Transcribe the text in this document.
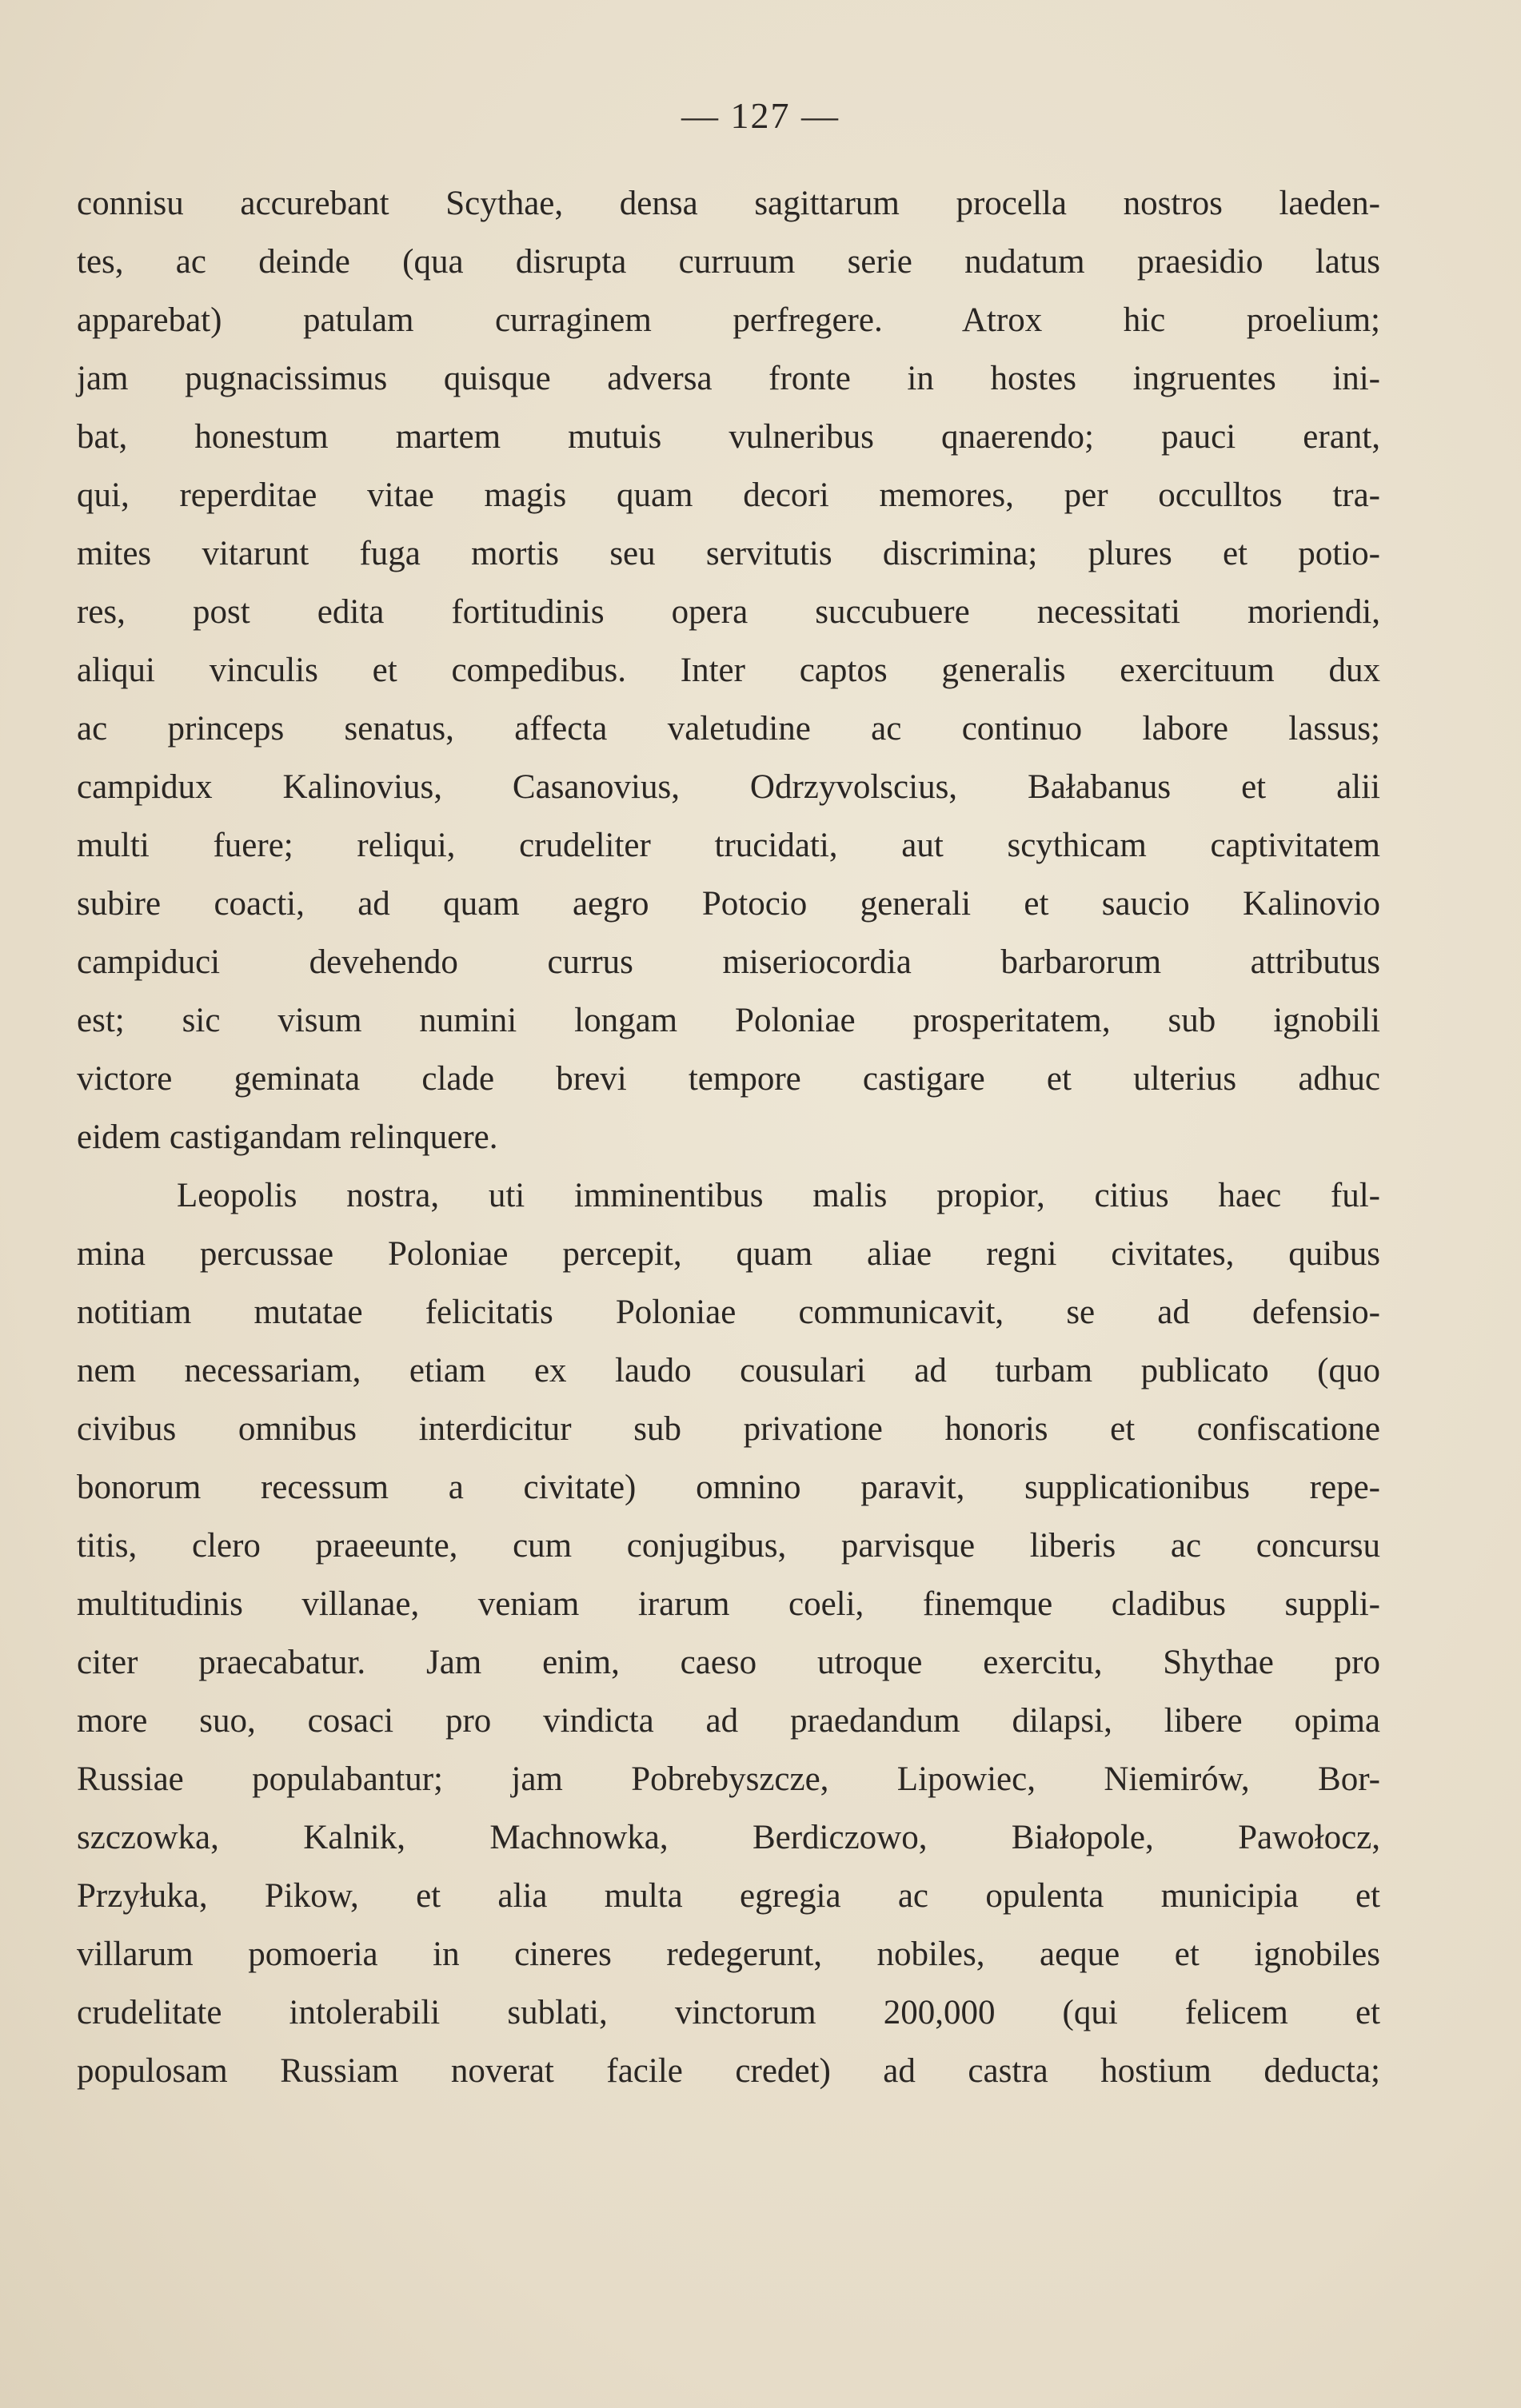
— 127 —
connisu accurebant Scythae, densa sagittarum procella nostros laeden-
tes, ac deinde (qua disrupta curruum serie nudatum praesidio latus
apparebat) patulam curraginem perfregere. Atrox hic proelium;
jam pugnacissimus quisque adversa fronte in hostes ingruentes ini-
bat, honestum martem mutuis vulneribus qnaerendo; pauci erant,
qui, reperditae vitae magis quam decori memores, per occulltos tra-
mites vitarunt fuga mortis seu servitutis discrimina; plures et potio-
res, post edita fortitudinis opera succubuere necessitati moriendi,
aliqui vinculis et compedibus. Inter captos generalis exercituum dux
ac princeps senatus, affecta valetudine ac continuo labore lassus;
campidux Kalinovius, Casanovius, Odrzyvolscius, Bałabanus et alii
multi fuere; reliqui, crudeliter trucidati, aut scythicam captivitatem
subire coacti, ad quam aegro Potocio generali et saucio Kalinovio
campiduci devehendo currus miseriocordia barbarorum attributus
est; sic visum numini longam Poloniae prosperitatem, sub ignobili
victore geminata clade brevi tempore castigare et ulterius adhuc
eidem castigandam relinquere.
Leopolis nostra, uti imminentibus malis propior, citius haec ful-
mina percussae Poloniae percepit, quam aliae regni civitates, quibus
notitiam mutatae felicitatis Poloniae communicavit, se ad defensio-
nem necessariam, etiam ex laudo cousulari ad turbam publicato (quo
civibus omnibus interdicitur sub privatione honoris et confiscatione
bonorum recessum a civitate) omnino paravit, supplicationibus repe-
titis, clero praeeunte, cum conjugibus, parvisque liberis ac concursu
multitudinis villanae, veniam irarum coeli, finemque cladibus suppli-
citer praecabatur. Jam enim, caeso utroque exercitu, Shythae pro
more suo, cosaci pro vindicta ad praedandum dilapsi, libere opima
Russiae populabantur; jam Pobrebyszcze, Lipowiec, Niemirów, Bor-
szczowka, Kalnik, Machnowka, Berdiczowo, Białopole, Pawołocz,
Przyłuka, Pikow, et alia multa egregia ac opulenta municipia et
villarum pomoeria in cineres redegerunt, nobiles, aeque et ignobiles
crudelitate intolerabili sublati, vinctorum 200,000 (qui felicem et
populosam Russiam noverat facile credet) ad castra hostium deducta;
